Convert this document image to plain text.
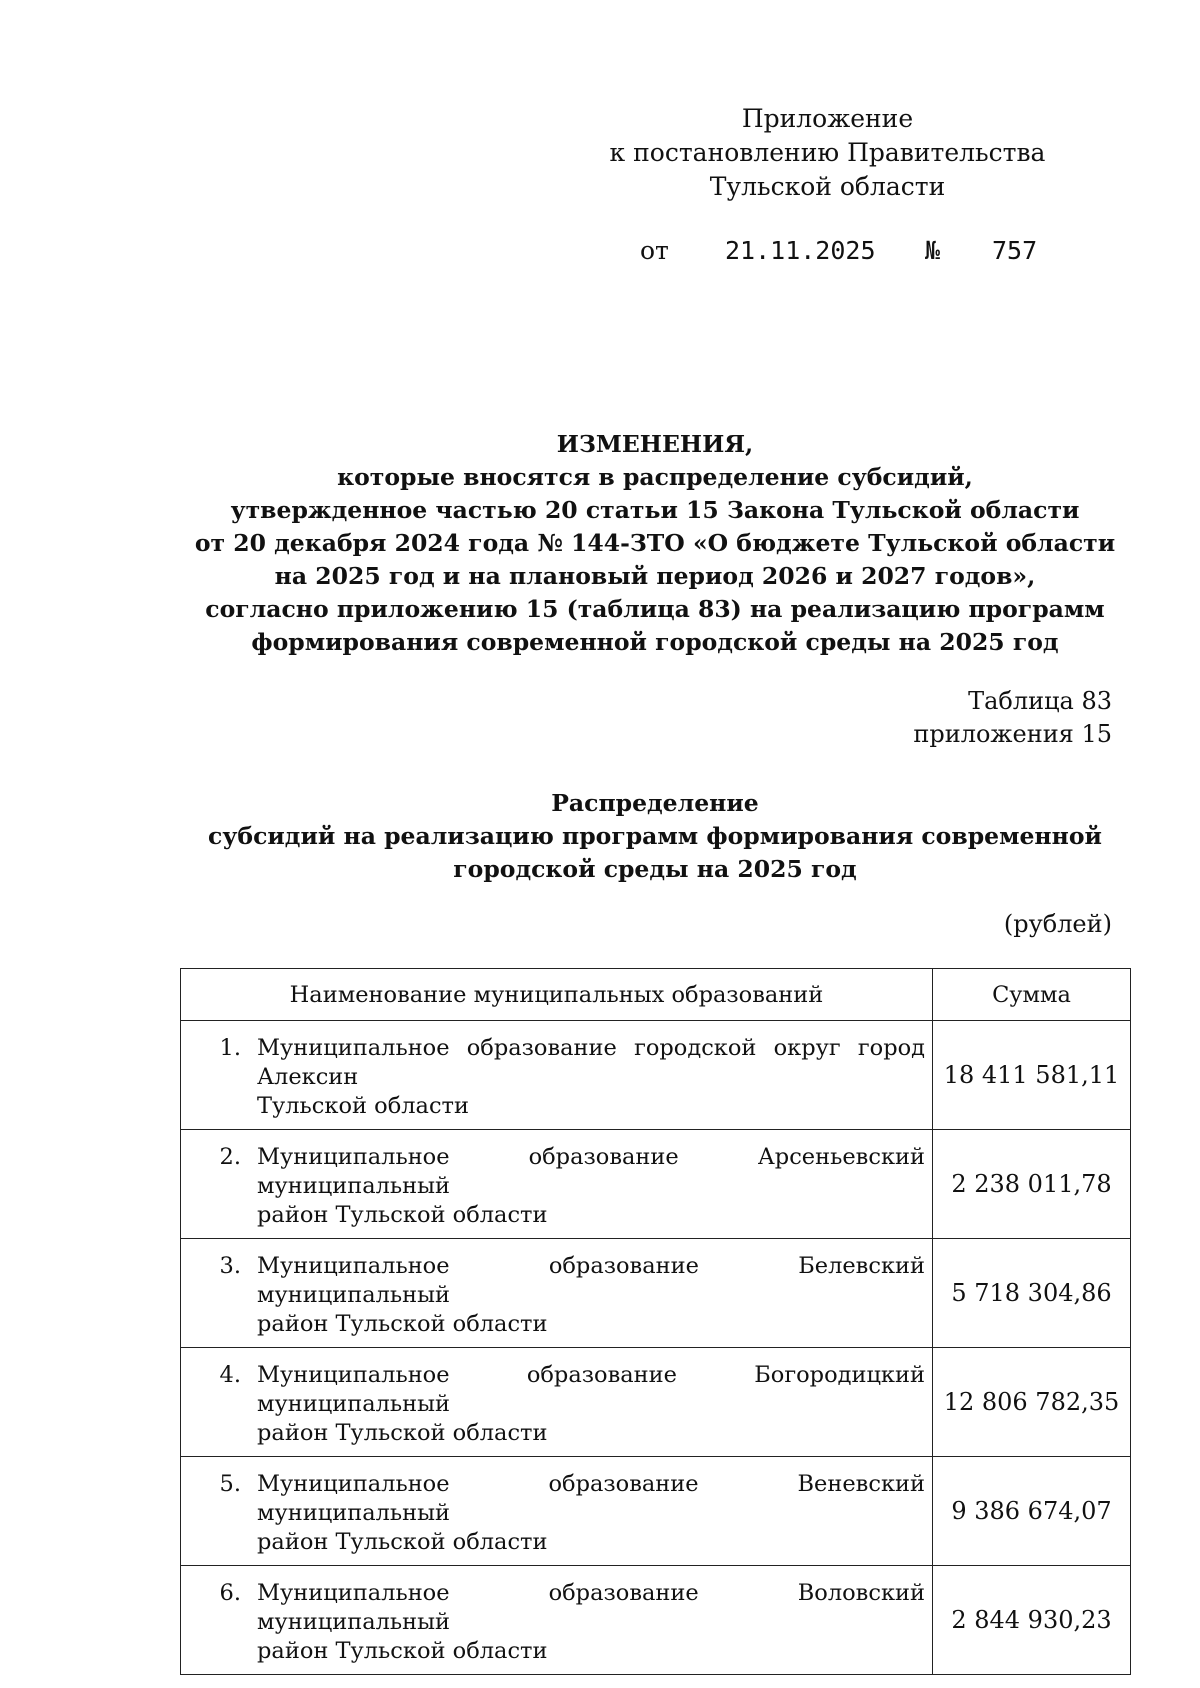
Приложение
к постановлению Правительства
Тульской области
от 21.11.2025 № 757
ИЗМЕНЕНИЯ,
которые вносятся в распределение субсидий,
утвержденное частью 20 статьи 15 Закона Тульской области
от 20 декабря 2024 года № 144-ЗТО «О бюджете Тульской области
на 2025 год и на плановый период 2026 и 2027 годов»,
согласно приложению 15 (таблица 83) на реализацию программ
формирования современной городской среды на 2025 год
Таблица 83
приложения 15
Распределение
субсидий на реализацию программ формирования современной
городской среды на 2025 год
(рублей)
Наименование муниципальных образований	Сумма

1. Муниципальное образование городской округ город Алексин
Тульской области	18 411 581,11

2. Муниципальное образование Арсеньевский муниципальный
район Тульской области	2 238 011,78

3. Муниципальное образование Белевский муниципальный
район Тульской области	5 718 304,86

4. Муниципальное образование Богородицкий муниципальный
район Тульской области	12 806 782,35

5. Муниципальное образование Веневский муниципальный
район Тульской области	9 386 674,07

6. Муниципальное образование Воловский муниципальный
район Тульской области	2 844 930,23
